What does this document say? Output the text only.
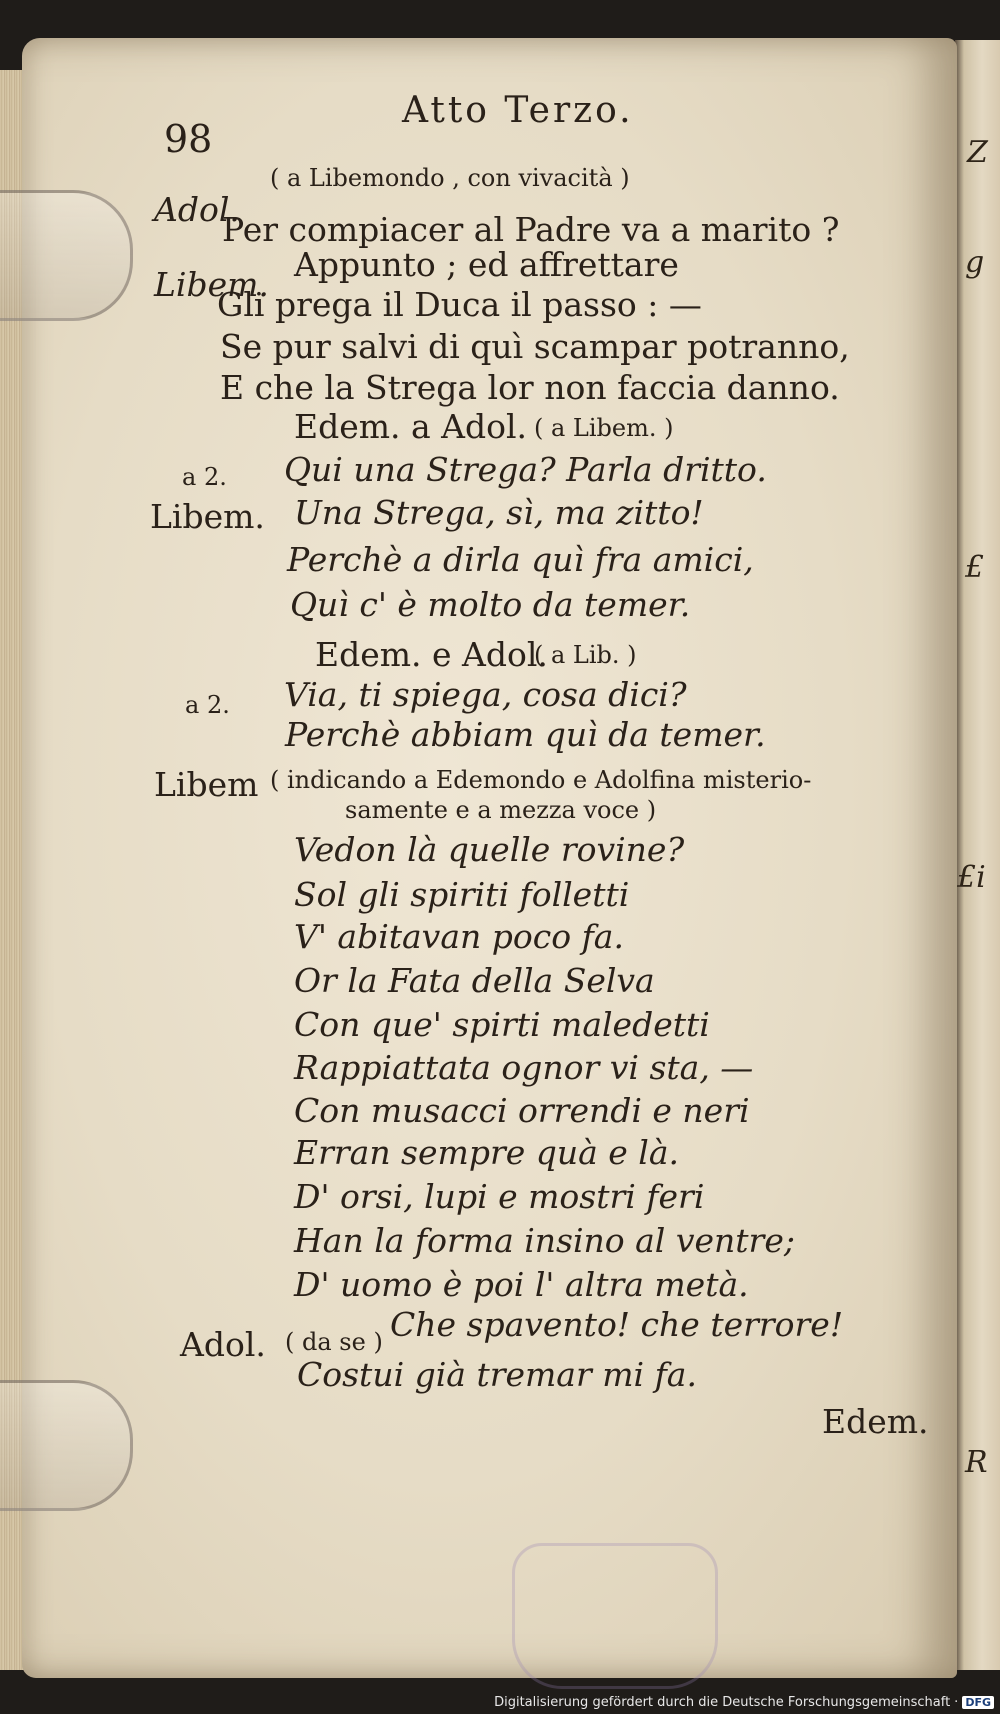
Z
g
£
£i
R
98
Atto Terzo.
Adol.
( a Libemondo , con vivacità )
Per compiacer al Padre va a marito ?
Libem.
Appunto ; ed affrettare
Gli prega il Duca il passo : —
Se pur salvi di quì scampar potranno,
E che la Strega lor non faccia danno.
Edem. a Adol. ( a Libem. )
a 2. Qui una Strega? Parla dritto.
Libem. Una Strega, sì, ma zitto!
Perchè a dirla quì fra amici,
Quì c' è molto da temer.
Edem. e Adol.
( a Lib. )
a 2. Via, ti spiega, cosa dici?
Perchè abbiam quì da temer.
Libem ( indicando a Edemondo e Adolfina misterio-
samente e a mezza voce )
Vedon là quelle rovine?
Sol gli spiriti folletti
V' abitavan poco fa.
Or la Fata della Selva
Con que' spirti maledetti
Rappiattata ognor vi sta, —
Con musacci orrendi e neri
Erran sempre quà e là.
D' orsi, lupi e mostri feri
Han la forma insino al ventre;
D' uomo è poi l' altra metà.
Adol. ( da se ) Che spavento! che terrore!
Costui già tremar mi fa.
Edem.
Digitalisierung gefördert durch die Deutsche Forschungsgemeinschaft · DFG
